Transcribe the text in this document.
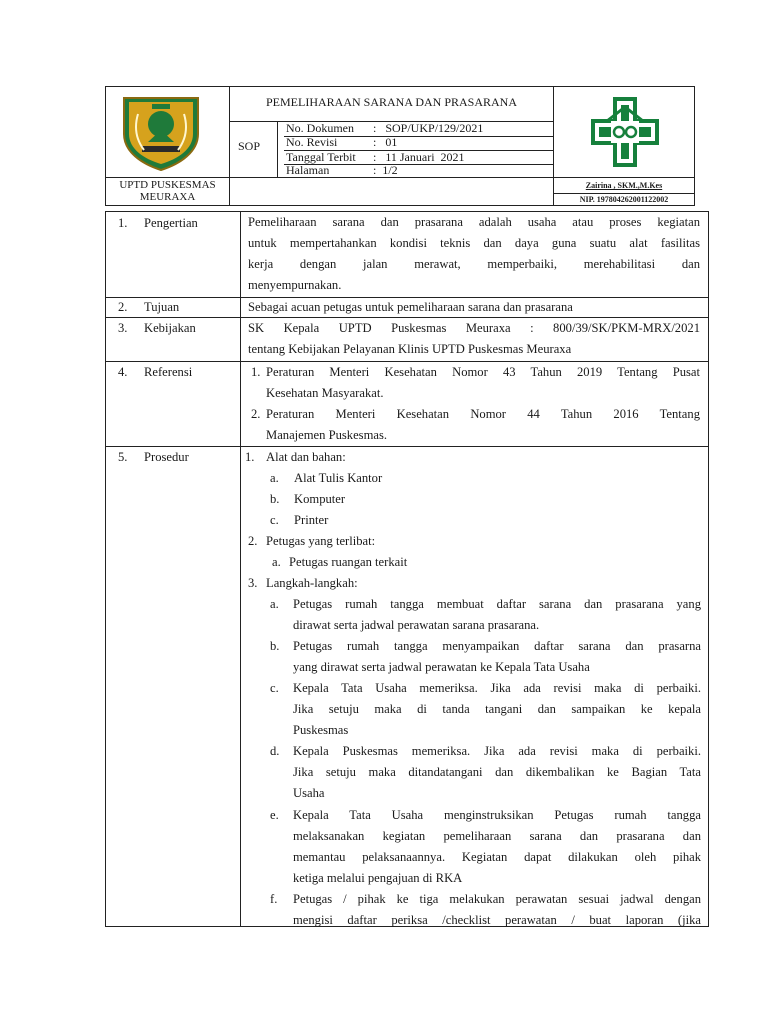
UPTD PUSKESMAS
MEURAXA
PEMELIHARAAN SARANA DAN PRASARANA
SOP
No. Dokumen :   SOP/UKP/129/2021
No. Revisi	:   01
Tanggal Terbit :   11 Januari  2021
Halaman	:  1/2
Zairina , SKM.,M.Kes
NIP. 197804262001122002
1. Pengertian	Pemeliharaan sarana dan prasarana adalah usaha atau proses kegiatan
untuk mempertahankan kondisi teknis dan daya guna suatu alat fasilitas
kerja dengan jalan merawat, memperbaiki, merehabilitasi dan
menyempurnakan.
2. Tujuan	Sebagai acuan petugas untuk pemeliharaan sarana dan prasarana
3. Kebijakan	SK Kepala UPTD Puskesmas Meuraxa : 800/39/SK/PKM-MRX/2021
tentang Kebijakan Pelayanan Klinis UPTD Puskesmas Meuraxa
4. Referensi	1. Peraturan Menteri Kesehatan Nomor 43 Tahun 2019 Tentang Pusat
Kesehatan Masyarakat.
2. Peraturan Menteri Kesehatan Nomor 44 Tahun 2016 Tentang
Manajemen Puskesmas.
5. Prosedur	1. Alat dan bahan:
a. Alat Tulis Kantor
b. Komputer
c. Printer
2. Petugas yang terlibat:
a. Petugas ruangan terkait
3. Langkah-langkah:
a. Petugas rumah tangga membuat daftar sarana dan prasarana yang
dirawat serta jadwal perawatan sarana prasarana.
b. Petugas rumah tangga menyampaikan daftar sarana dan prasarna
yang dirawat serta jadwal perawatan ke Kepala Tata Usaha
c. Kepala Tata Usaha memeriksa. Jika ada revisi maka di perbaiki.
Jika setuju maka di tanda tangani dan sampaikan ke kepala
Puskesmas
d. Kepala Puskesmas memeriksa. Jika ada revisi maka di perbaiki.
Jika setuju maka ditandatangani dan dikembalikan ke Bagian Tata
Usaha
e. Kepala Tata Usaha menginstruksikan Petugas rumah tangga
melaksanakan kegiatan pemeliharaan sarana dan prasarana dan
memantau pelaksanaannya. Kegiatan dapat dilakukan oleh pihak
ketiga melalui pengajuan di RKA
f. Petugas / pihak ke tiga melakukan perawatan sesuai jadwal dengan
mengisi daftar periksa /checklist perawatan / buat laporan (jika
